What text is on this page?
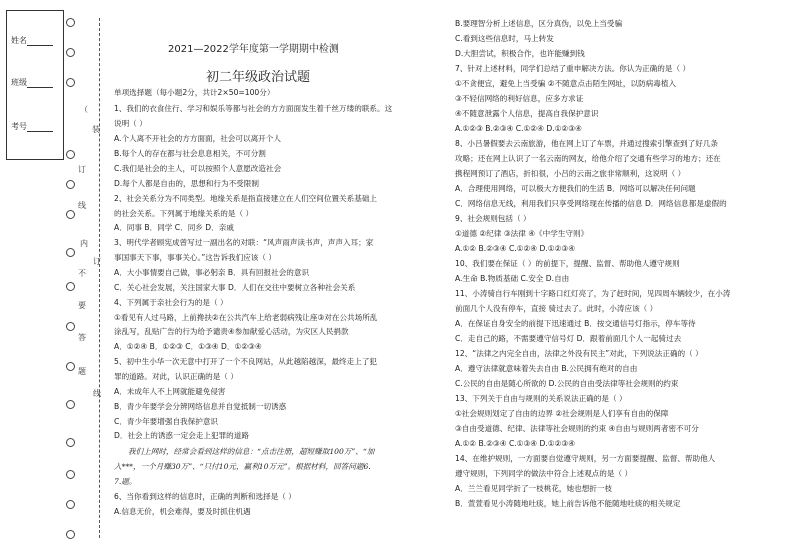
姓名
班级
考号
（
装
订
线
内
不
要
答
题
线
订
2021—2022学年度第一学期期中检测
初二年级政治试题
单项选择题（每小题2分，共计2×50=100分）
1、我们的衣食住行、学习和娱乐等都与社会的方方面面发生着千丝万缕的联系。这
说明（ ）
A.个人离不开社会的方方面面，社会可以离开个人
B.每个人的存在都与社会息息相关，不可分割
C.我们是社会的主人，可以按照个人意愿改造社会
D.每个人都是自由的，思想和行为不受限制
2、社会关系分为不同类型。地缘关系是指直接建立在人们空间位置关系基础上
的社会关系。下列属于地缘关系的是（ ）
A．同事 B．同学 C．同乡 D．亲戚
3、明代学者顾宪成曾写过一副出名的对联：“风声雨声读书声，声声入耳；家
事国事天下事，事事关心。”这告诉我们应该（ ）
A．大小事情要自己做，事必躬亲 B．具有回报社会的意识
C．关心社会发展，关注国家大事 D．人们在交往中要树立各种社会关系
4、下列属于亲社会行为的是（ ）
①看见有人过马路，上前搀扶②在公共汽车上给老弱病残让座③对在公共场所乱
涂乱写，乱贴广告的行为给予谴责④参加献爱心活动，为灾区人民捐款
A．①②④ B．①②③ C．①③④ D．①②③④
5、初中生小华一次无意中打开了一个不良网站，从此越陷越深，最终走上了犯
罪的道路。对此，认识正确的是（ ）
A．未成年人不上网就能避免侵害
B．青少年要学会分辨网络信息并自觉抵制一切诱惑
C．青少年要增强自我保护意识
D．社会上的诱惑一定会走上犯罪的道路
我们上网时，经常会看到这样的信息：“点击注册，超短赚取100万”、“加
入***，一个月赚30万”、“只付10元，赢利10万元”。根据材料，回答问题6.
7.题。
6、当你看到这样的信息时，正确的判断和选择是（ ）
A.信息无价，机会难得，要及时抓住机遇
B.要理智分析上述信息，区分真伪，以免上当受骗
C.看到这些信息时，马上转发
D.大胆尝试，积极合作，也许能赚到钱
7、针对上述材料，同学们总结了重申解决方法。你认为正确的是（ ）
①不贪便宜，避免上当受骗 ②不随意点击陌生网址，以防病毒植入
③不轻信网络的利好信息，应多方求证
④不随意泄露个人信息，提高自我保护意识
A.①②③ B.②③④ C.①②④ D.①②③④
8、小吕暑假要去云南旅游，他在网上订了车票，并通过搜索引擎查到了好几条
攻略；还在网上认识了一名云南的网友，给他介绍了交通有些学习的地方；还在
携程网预订了酒店，折扣很，小吕的云南之旅非常顺利，这说明（ ）
A．合理使用网络，可以极大方便我们的生活 B．网络可以解决任何问题
C．网络信息无线，利用我们只享受网络现在传播的信息 D．网络信息都是虚假的
9、社会规则包括（ ）
①道德 ②纪律 ③法律 ④《中学生守则》
A.①② B.②③④ C.①②④ D.①②③④
10、我们要在保证（ ）的前提下，提醒、监督、帮助他人遵守规则
A.生命 B.物质基础 C.安全 D.自由
11、小涛骑自行车刚到十字路口红灯亮了，为了赶时间，见四周车辆较少，在小涛
前面几个人没有停车，直接 骑过去了。此时，小涛应该（ ）
A．在保证自身安全的前提下迅速通过 B．按交通信号灯指示，停车等待
C．走自己的路，不需要遵守信号灯 D．跟着前面几个人一起骑过去
12、“法律之内完全自由，法律之外没有民主”对此，下列说法正确的（ ）
A．遵守法律就意味着失去自由 B.公民拥有绝对的自由
C.公民的自由是随心所欲的 D.公民的自由受法律等社会规则的约束
13、下列关于自由与规则的关系说法正确的是（ ）
①社会规则划定了自由的边界 ②社会规则是人们享有自由的保障
③自由受道德、纪律、法律等社会规则的约束 ④自由与规则两者密不可分
A.①② B.②③④ C.①③④ D.①②③④
14、在维护规则，一方面要自觉遵守规则，另一方面要提醒、监督、帮助他人
遵守规则，下列同学的做法中符合上述观点的是（ ）
A．兰兰看见同学折了一枝桃花，她也想折一枝
B．萱萱看见小涛随地吐痰，她上前告诉他不能随地吐痰的相关规定
